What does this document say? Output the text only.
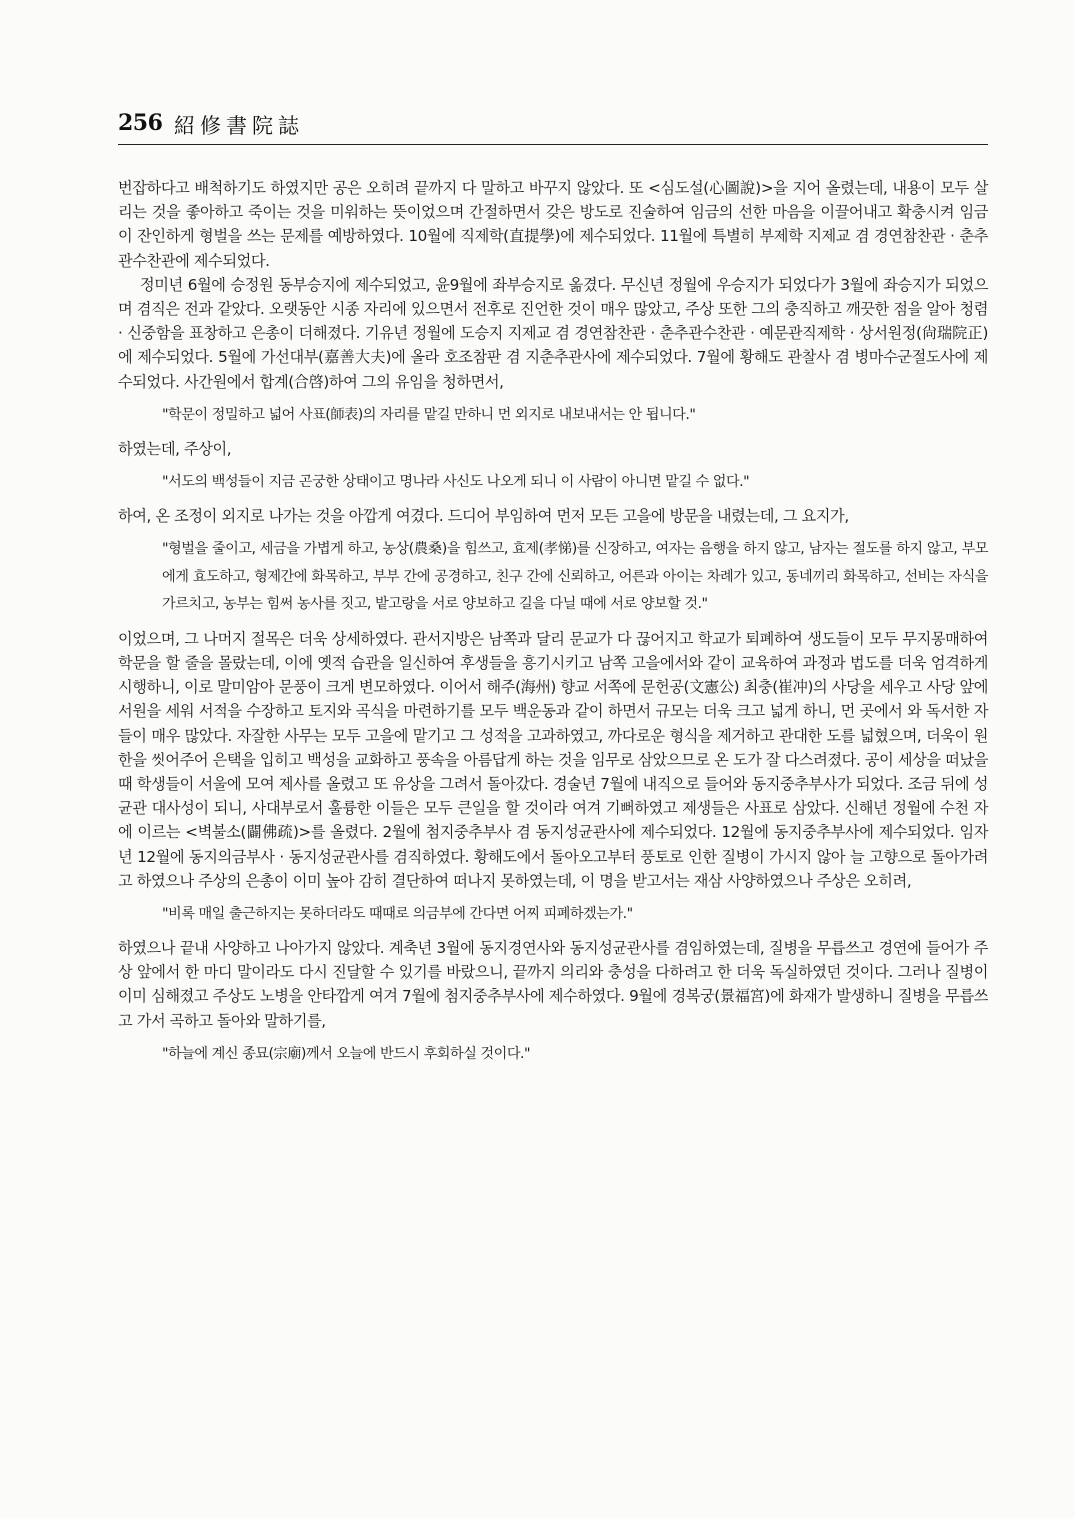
256 紹修書院誌

번잡하다고 배척하기도 하였지만 공은 오히려 끝까지 다 말하고 바꾸지 않았다. 또 <심도설(心圖說)>을 지어 올렸는데, 내용이 모두 살리는 것을 좋아하고 죽이는 것을 미워하는 뜻이었으며 간절하면서 갖은 방도로 진술하여 임금의 선한 마음을 이끌어내고 확충시켜 임금이 잔인하게 형벌을 쓰는 문제를 예방하였다. 10월에 직제학(直提學)에 제수되었다. 11월에 특별히 부제학 지제교 겸 경연참찬관 · 춘추관수찬관에 제수되었다.

정미년 6월에 승정원 동부승지에 제수되었고, 윤9월에 좌부승지로 옮겼다. 무신년 정월에 우승지가 되었다가 3월에 좌승지가 되었으며 겸직은 전과 같았다. 오랫동안 시종 자리에 있으면서 전후로 진언한 것이 매우 많았고, 주상 또한 그의 충직하고 깨끗한 점을 알아 청렴 · 신중함을 표창하고 은총이 더해졌다. 기유년 정월에 도승지 지제교 겸 경연참찬관 · 춘추관수찬관 · 예문관직제학 · 상서원정(尙瑞院正)에 제수되었다. 5월에 가선대부(嘉善大夫)에 올라 호조참판 겸 지춘추관사에 제수되었다. 7월에 황해도 관찰사 겸 병마수군절도사에 제수되었다. 사간원에서 합계(合啓)하여 그의 유임을 청하면서,

"학문이 정밀하고 넓어 사표(師表)의 자리를 맡길 만하니 먼 외지로 내보내서는 안 됩니다."

하였는데, 주상이,

"서도의 백성들이 지금 곤궁한 상태이고 명나라 사신도 나오게 되니 이 사람이 아니면 맡길 수 없다."

하여, 온 조정이 외지로 나가는 것을 아깝게 여겼다. 드디어 부임하여 먼저 모든 고을에 방문을 내렸는데, 그 요지가,

"형벌을 줄이고, 세금을 가볍게 하고, 농상(農桑)을 힘쓰고, 효제(孝悌)를 신장하고, 여자는 음행을 하지 않고, 남자는 절도를 하지 않고, 부모에게 효도하고, 형제간에 화목하고, 부부 간에 공경하고, 친구 간에 신뢰하고, 어른과 아이는 차례가 있고, 동네끼리 화목하고, 선비는 자식을 가르치고, 농부는 힘써 농사를 짓고, 밭고랑을 서로 양보하고 길을 다닐 때에 서로 양보할 것."

이었으며, 그 나머지 절목은 더욱 상세하였다. 관서지방은 남쪽과 달리 문교가 다 끊어지고 학교가 퇴폐하여 생도들이 모두 무지몽매하여 학문을 할 줄을 몰랐는데, 이에 옛적 습관을 일신하여 후생들을 흥기시키고 남쪽 고을에서와 같이 교육하여 과정과 법도를 더욱 엄격하게 시행하니, 이로 말미암아 문풍이 크게 변모하였다. 이어서 해주(海州) 향교 서쪽에 문헌공(文憲公) 최충(崔冲)의 사당을 세우고 사당 앞에 서원을 세워 서적을 수장하고 토지와 곡식을 마련하기를 모두 백운동과 같이 하면서 규모는 더욱 크고 넓게 하니, 먼 곳에서 와 독서한 자들이 매우 많았다. 자잘한 사무는 모두 고을에 맡기고 그 성적을 고과하였고, 까다로운 형식을 제거하고 관대한 도를 넓혔으며, 더욱이 원한을 씻어주어 은택을 입히고 백성을 교화하고 풍속을 아름답게 하는 것을 임무로 삼았으므로 온 도가 잘 다스려졌다. 공이 세상을 떠났을 때 학생들이 서울에 모여 제사를 올렸고 또 유상을 그려서 돌아갔다. 경술년 7월에 내직으로 들어와 동지중추부사가 되었다. 조금 뒤에 성균관 대사성이 되니, 사대부로서 훌륭한 이들은 모두 큰일을 할 것이라 여겨 기뻐하였고 제생들은 사표로 삼았다. 신해년 정월에 수천 자에 이르는 <벽불소(闢佛疏)>를 올렸다. 2월에 첨지중추부사 겸 동지성균관사에 제수되었다. 12월에 동지중추부사에 제수되었다. 임자년 12월에 동지의금부사 · 동지성균관사를 겸직하였다. 황해도에서 돌아오고부터 풍토로 인한 질병이 가시지 않아 늘 고향으로 돌아가려고 하였으나 주상의 은총이 이미 높아 감히 결단하여 떠나지 못하였는데, 이 명을 받고서는 재삼 사양하였으나 주상은 오히려,

"비록 매일 출근하지는 못하더라도 때때로 의금부에 간다면 어찌 피폐하겠는가."

하였으나 끝내 사양하고 나아가지 않았다. 계축년 3월에 동지경연사와 동지성균관사를 겸임하였는데, 질병을 무릅쓰고 경연에 들어가 주상 앞에서 한 마디 말이라도 다시 진달할 수 있기를 바랐으니, 끝까지 의리와 충성을 다하려고 한 더욱 독실하였던 것이다. 그러나 질병이 이미 심해졌고 주상도 노병을 안타깝게 여겨 7월에 첨지중추부사에 제수하였다. 9월에 경복궁(景福宮)에 화재가 발생하니 질병을 무릅쓰고 가서 곡하고 돌아와 말하기를,

"하늘에 계신 종묘(宗廟)께서 오늘에 반드시 후회하실 것이다."
